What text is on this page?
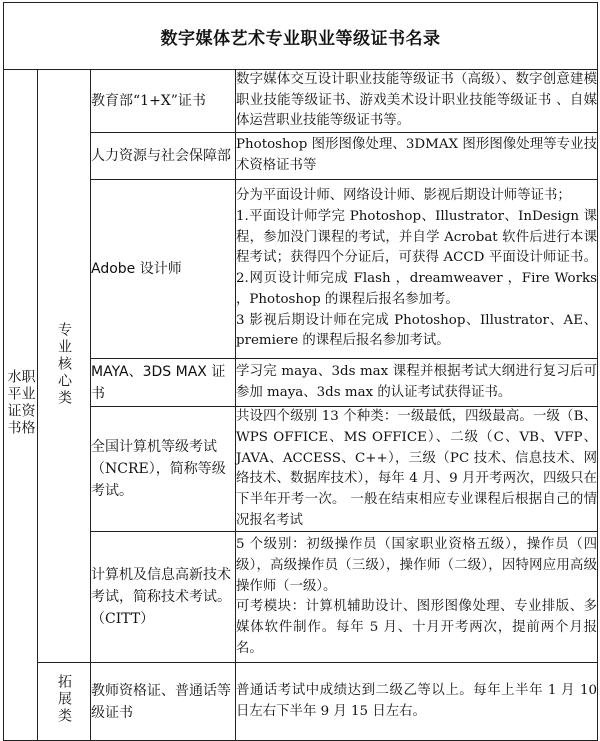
数字媒体艺术专业职业等级证书名录			

职业资格
水平证书	专业核心类	教育部“1+X”证书	数字媒体交互设计职业技能等级证书（高级）、数字创意建模职业技能等级证书、游戏美术设计职业技能等级证书 、自媒体运营职业技能等级证书等。

		人力资源与社会保障部	Photoshop 图形图像处理、3DMAX 图形图像处理等专业技术资格证书等

		Adobe 设计师	分为平面设计师、网络设计师、影视后期设计师等证书；
1.平面设计师学完 Photoshop、Illustrator、InDesign 课程，参加没门课程的考试，并自学 Acrobat 软件后进行本课程考试；获得四个分证后，可获得 ACCD 平面设计师证书。2.网页设计师完成 Flash ，dreamweaver ，Fire Works ，Photoshop 的课程后报名参加考。
3 影视后期设计师在完成 Photoshop、Illustrator、AE、premiere 的课程后报名参加考试。

		MAYA、3DS MAX 证书	学习完 maya、3ds max 课程并根据考试大纲进行复习后可参加 maya、3ds max 的认证考试获得证书。

		全国计算机等级考试（NCRE），简称等级考试。	共设四个级别 13 个种类：一级最低，四级最高。一级（B、WPS OFFICE、MS OFFICE）、二级（C、VB、VFP、JAVA、ACCESS、C++），三级（PC 技术、信息技术、网络技术、数据库技术），每年 4 月、9 月开考两次，四级只在下半年开考一次。 一般在结束相应专业课程后根据自己的情况报名考试

		计算机及信息高新技术考试，简称技术考试。（CITT）	5 个级别：初级操作员（国家职业资格五级），操作员（四级），高级操作员（三级），操作师（二级），因特网应用高级操作师（一级）。
可考模块：计算机辅助设计、图形图像处理、专业排版、多媒体软件制作。每年 5 月、十月开考两次，提前两个月报名。

	拓展类	教师资格证、普通话等级证书	普通话考试中成绩达到二级乙等以上。每年上半年 1 月 10 日左右下半年 9 月 15 日左右。
